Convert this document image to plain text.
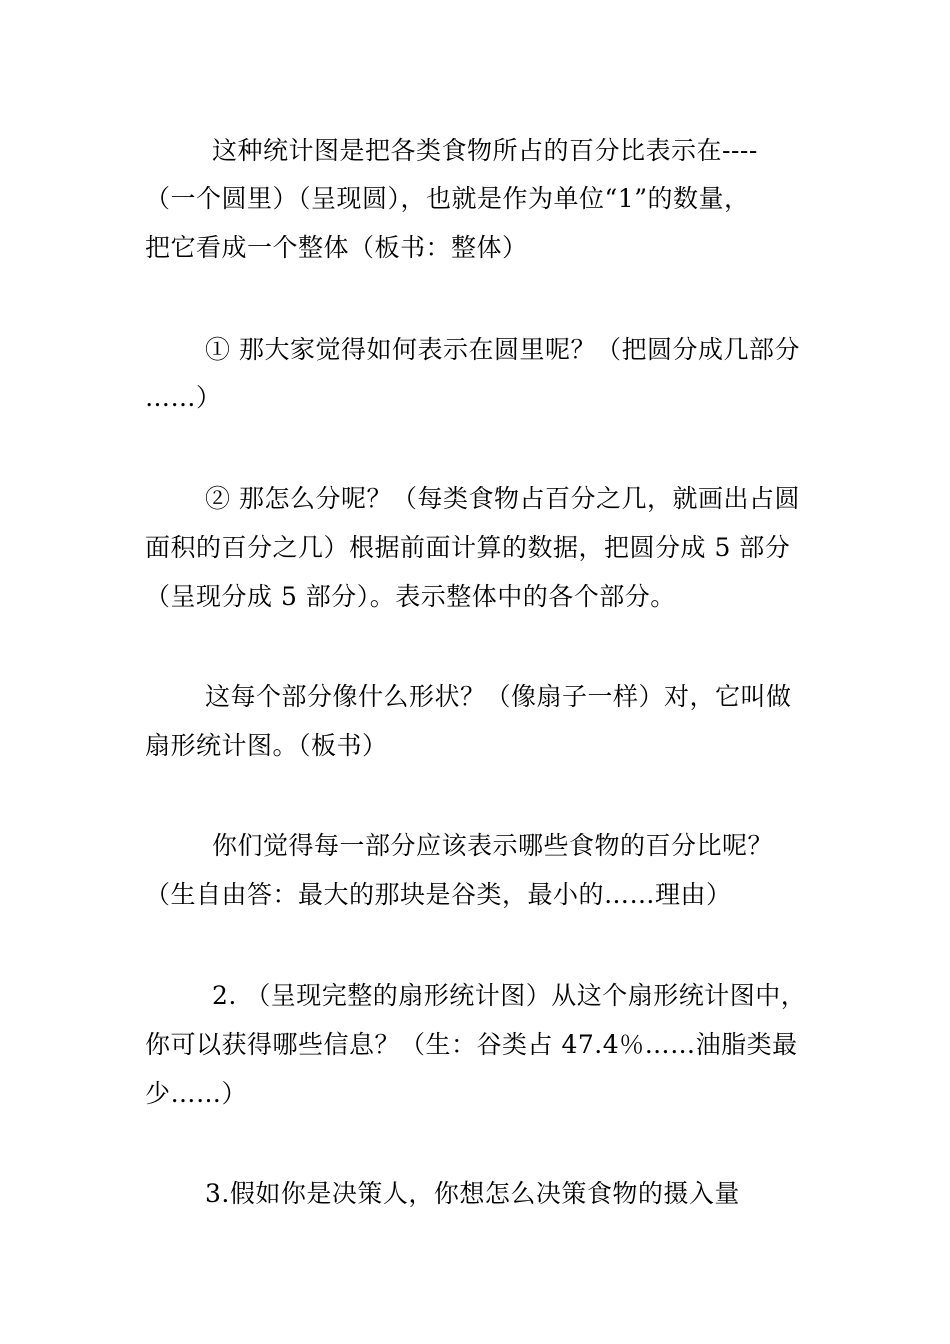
这种统计图是把各类食物所占的百分比表示在----
（一个圆里）（呈现圆），也就是作为单位“1”的数量，
把它看成一个整体（板书：整体）
① 那大家觉得如何表示在圆里呢？（把圆分成几部分
……）
② 那怎么分呢？（每类食物占百分之几，就画出占圆
面积的百分之几）根据前面计算的数据，把圆分成 5 部分
（呈现分成 5 部分）。表示整体中的各个部分。
这每个部分像什么形状？（像扇子一样）对，它叫做
扇形统计图。（板书）
你们觉得每一部分应该表示哪些食物的百分比呢？
（生自由答：最大的那块是谷类，最小的……理由）
2. （呈现完整的扇形统计图）从这个扇形统计图中，
你可以获得哪些信息？（生：谷类占 47.4％……油脂类最
少……）
3.假如你是决策人，你想怎么决策食物的摄入量
